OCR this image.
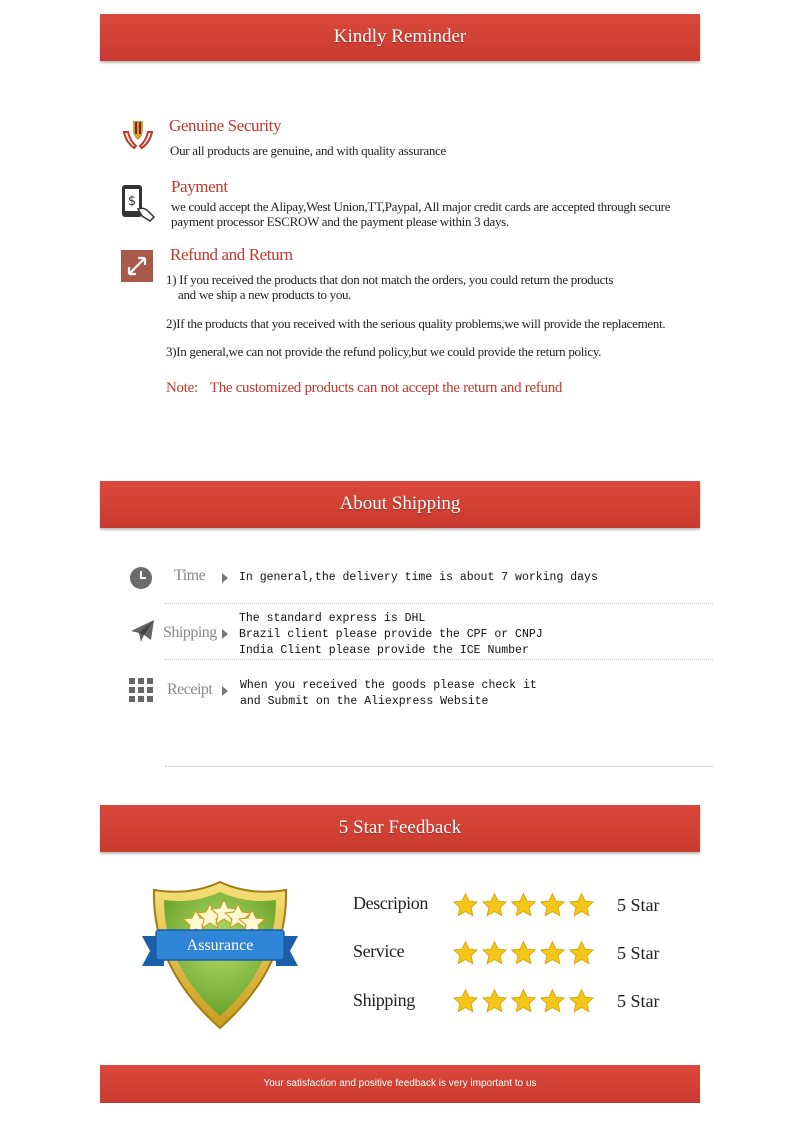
Kindly Reminder
Genuine Security
Our all products are genuine, and with quality assurance
$
Payment
we could accept the Alipay,West Union,TT,Paypal, All major credit cards are accepted through secure
payment processor ESCROW and the payment please within 3 days.
Refund and Return
1) If you received the products that don not match the orders, you could return the products
and we ship a new products to you.
2)If the products that you received with the serious quality problems,we will provide the replacement.
3)In general,we can not provide the refund policy,but we could provide the return policy.
Note: The customized products can not accept the return and refund
About Shipping
Time	In general,the delivery time is about 7 working days
Shipping
The standard express is DHL
Brazil client please provide the CPF or CNPJ
India Client please provide the ICE Number
Receipt When you received the goods please check it
and Submit on the Aliexpress Website
5 Star Feedback
Assurance
Descripion	5 Star
Service	5 Star
Shipping	5 Star
Your satisfaction and positive feedback is very important to us
